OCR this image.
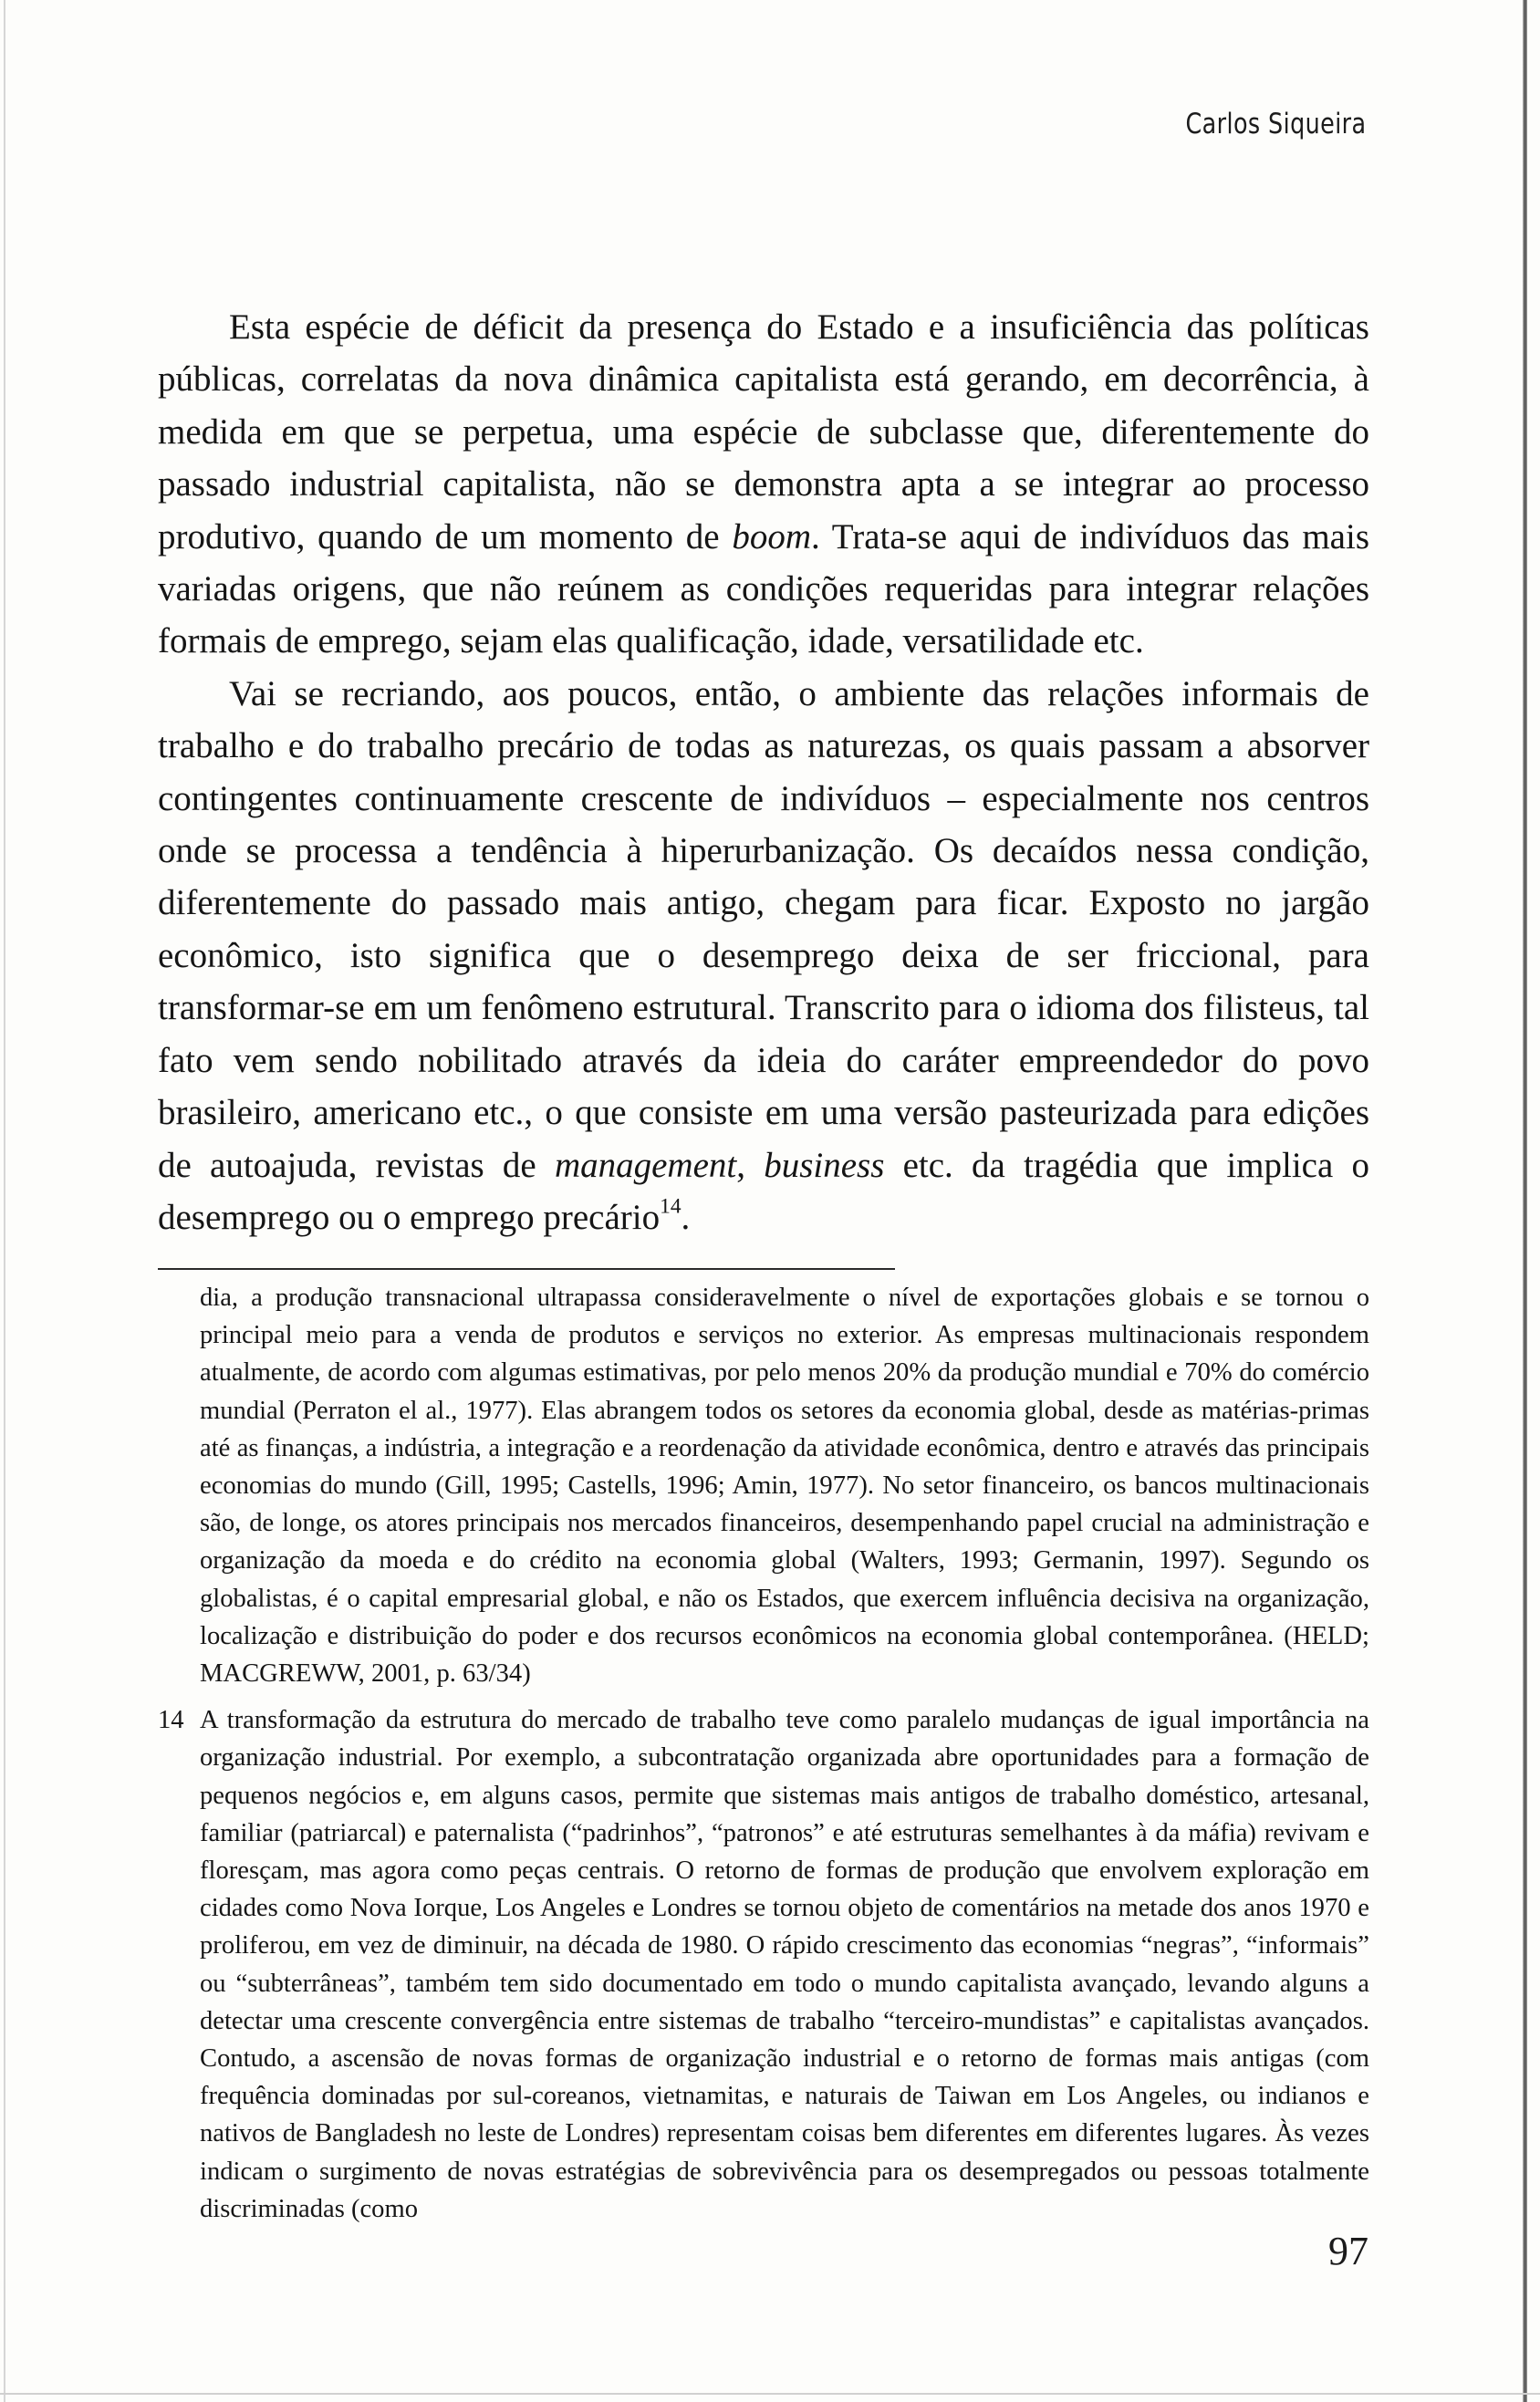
Carlos Siqueira

Esta espécie de déficit da presença do Estado e a insuficiência das políticas públicas, correlatas da nova dinâmica capitalista está gerando, em decorrência, à medida em que se perpetua, uma espécie de subclasse que, diferentemente do passado industrial capitalista, não se demonstra apta a se integrar ao processo produtivo, quando de um momento de boom. Trata-se aqui de indivíduos das mais variadas origens, que não reúnem as condições requeridas para integrar relações formais de emprego, sejam elas qualificação, idade, versatilidade etc.

Vai se recriando, aos poucos, então, o ambiente das relações informais de trabalho e do trabalho precário de todas as naturezas, os quais passam a absorver contingentes continuamente crescente de indivíduos – especialmente nos centros onde se processa a tendência à hiperurbanização. Os decaídos nessa condição, diferentemente do passado mais antigo, chegam para ficar. Exposto no jargão econômico, isto significa que o desemprego deixa de ser friccional, para transformar-se em um fenômeno estrutural. Transcrito para o idioma dos filisteus, tal fato vem sendo nobilitado através da ideia do caráter empreendedor do povo brasileiro, americano etc., o que consiste em uma versão pasteurizada para edições de autoajuda, revistas de management, business etc. da tragédia que implica o desemprego ou o emprego precário$^{14}$.

dia, a produção transnacional ultrapassa consideravelmente o nível de exportações globais e se tornou o principal meio para a venda de produtos e serviços no exterior. As empresas multinacionais respondem atualmente, de acordo com algumas estimativas, por pelo menos 20% da produção mundial e 70% do comércio mundial (Perraton el al., 1977). Elas abrangem todos os setores da economia global, desde as matérias-primas até as finanças, a indústria, a integração e a reordenação da atividade econômica, dentro e através das principais economias do mundo (Gill, 1995; Castells, 1996; Amin, 1977). No setor financeiro, os bancos multinacionais são, de longe, os atores principais nos mercados financeiros, desempenhando papel crucial na administração e organização da moeda e do crédito na economia global (Walters, 1993; Germanin, 1997). Segundo os globalistas, é o capital empresarial global, e não os Estados, que exercem influência decisiva na organização, localização e distribuição do poder e dos recursos econômicos na economia global contemporânea. (HELD; MACGREWW, 2001, p. 63/34)
14 A transformação da estrutura do mercado de trabalho teve como paralelo mudanças de igual importância na organização industrial. Por exemplo, a subcontratação organizada abre oportunidades para a formação de pequenos negócios e, em alguns casos, permite que sistemas mais antigos de trabalho doméstico, artesanal, familiar (patriarcal) e paternalista (“padrinhos”, “patronos” e até estruturas semelhantes à da máfia) revivam e floresçam, mas agora como peças centrais. O retorno de formas de produção que envolvem exploração em cidades como Nova Iorque, Los Angeles e Londres se tornou objeto de comentários na metade dos anos 1970 e proliferou, em vez de diminuir, na década de 1980. O rápido crescimento das economias “negras”, “informais” ou “subterrâneas”, também tem sido documentado em todo o mundo capitalista avançado, levando alguns a detectar uma crescente convergência entre sistemas de trabalho “terceiro-mundistas” e capitalistas avançados. Contudo, a ascensão de novas formas de organização industrial e o retorno de formas mais antigas (com frequência dominadas por sul-coreanos, vietnamitas, e naturais de Taiwan em Los Angeles, ou indianos e nativos de Bangladesh no leste de Londres) representam coisas bem diferentes em diferentes lugares. Às vezes indicam o surgimento de novas estratégias de sobrevivência para os desempregados ou pessoas totalmente discriminadas (como
97
